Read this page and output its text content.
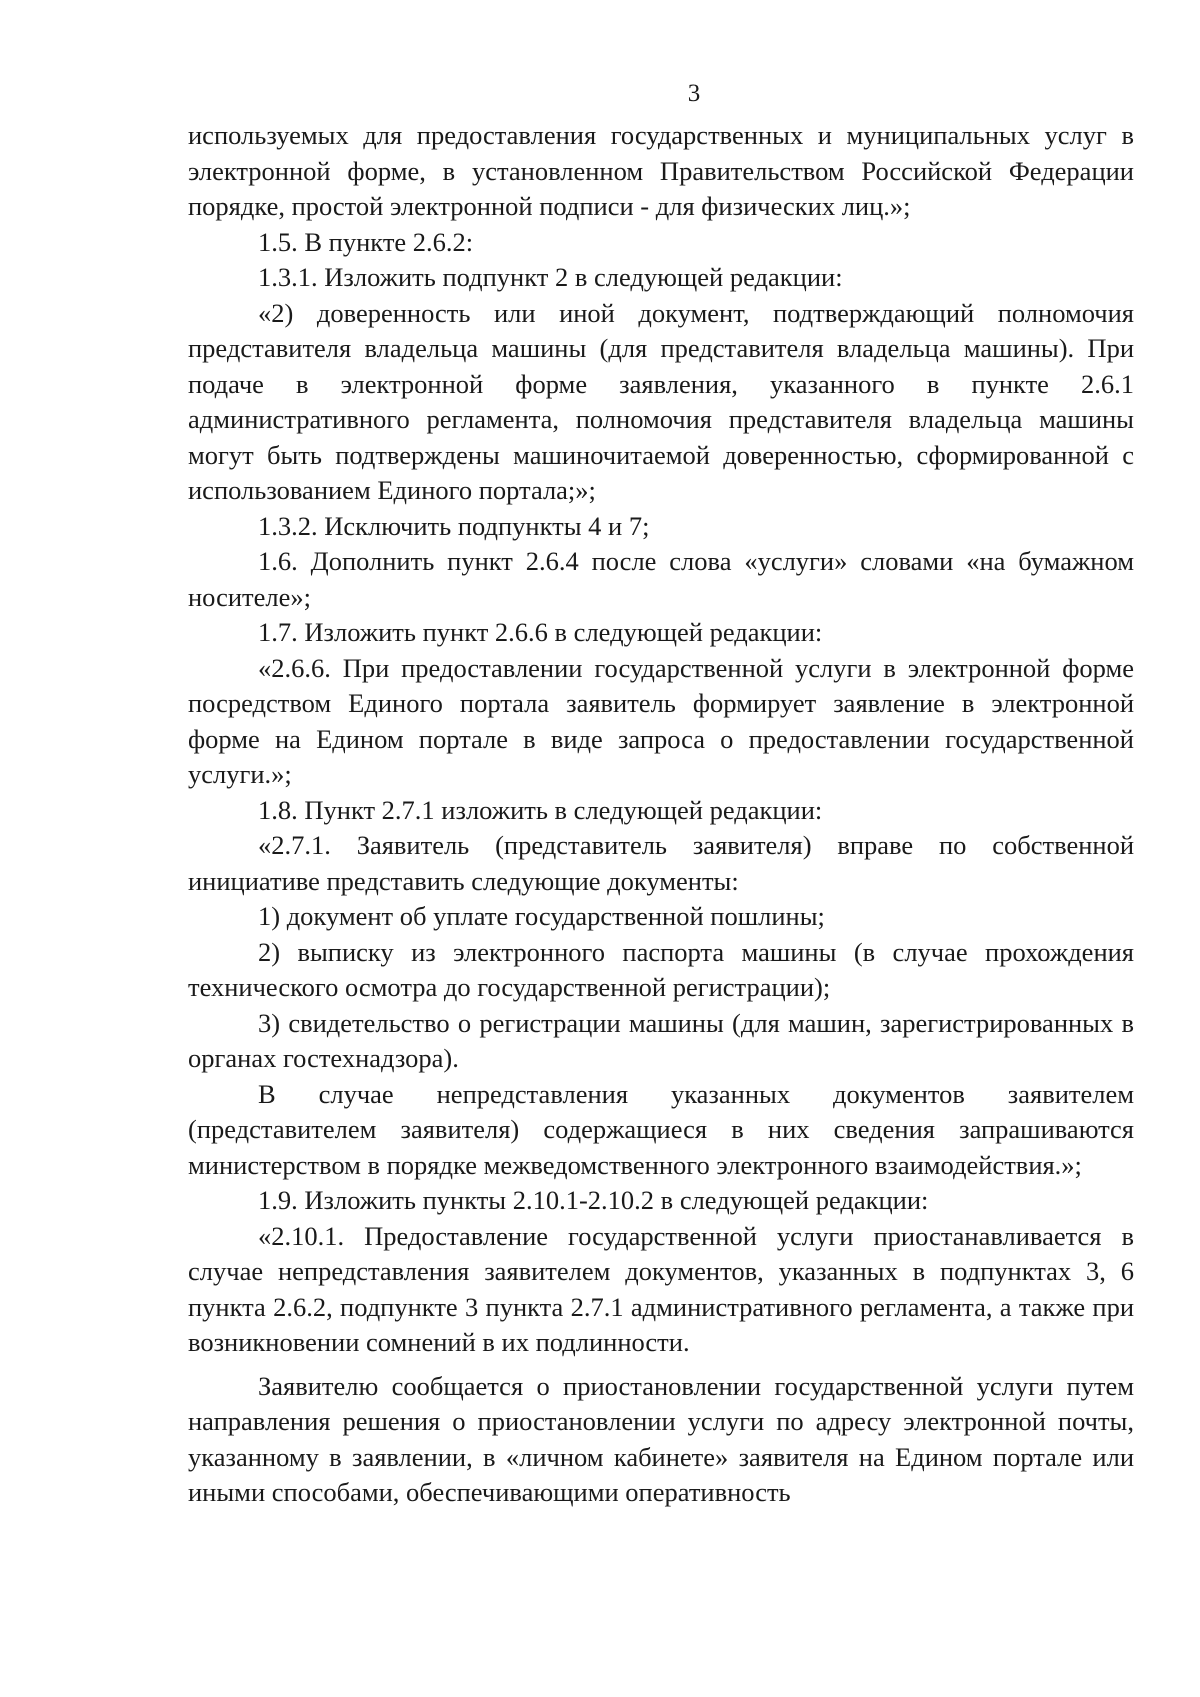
3

используемых для предоставления государственных и муниципальных услуг в электронной форме, в установленном Правительством Российской Федерации порядке, простой электронной подписи - для физических лиц.»;

1.5. В пункте 2.6.2:

1.3.1. Изложить подпункт 2 в следующей редакции:

«2) доверенность или иной документ, подтверждающий полномочия представителя владельца машины (для представителя владельца машины). При подаче в электронной форме заявления, указанного в пункте 2.6.1 административного регламента, полномочия представителя владельца машины могут быть подтверждены машиночитаемой доверенностью, сформированной с использованием Единого портала;»;

1.3.2. Исключить подпункты 4 и 7;

1.6. Дополнить пункт 2.6.4 после слова «услуги» словами «на бумажном носителе»;

1.7. Изложить пункт 2.6.6 в следующей редакции:

«2.6.6. При предоставлении государственной услуги в электронной форме посредством Единого портала заявитель формирует заявление в электронной форме на Едином портале в виде запроса о предоставлении государственной услуги.»;

1.8. Пункт 2.7.1 изложить в следующей редакции:

«2.7.1. Заявитель (представитель заявителя) вправе по собственной инициативе представить следующие документы:

1) документ об уплате государственной пошлины;

2) выписку из электронного паспорта машины (в случае прохождения технического осмотра до государственной регистрации);

3) свидетельство о регистрации машины (для машин, зарегистрированных в органах гостехнадзора).

В случае непредставления указанных документов заявителем (представителем заявителя) содержащиеся в них сведения запрашиваются министерством в порядке межведомственного электронного взаимодействия.»;

1.9. Изложить пункты 2.10.1-2.10.2 в следующей редакции:

«2.10.1. Предоставление государственной услуги приостанавливается в случае непредставления заявителем документов, указанных в подпунктах 3, 6 пункта 2.6.2, подпункте 3 пункта 2.7.1 административного регламента, а также при возникновении сомнений в их подлинности.

Заявителю сообщается о приостановлении государственной услуги путем направления решения о приостановлении услуги по адресу электронной почты, указанному в заявлении, в «личном кабинете» заявителя на Едином портале или иными способами, обеспечивающими оперативность
